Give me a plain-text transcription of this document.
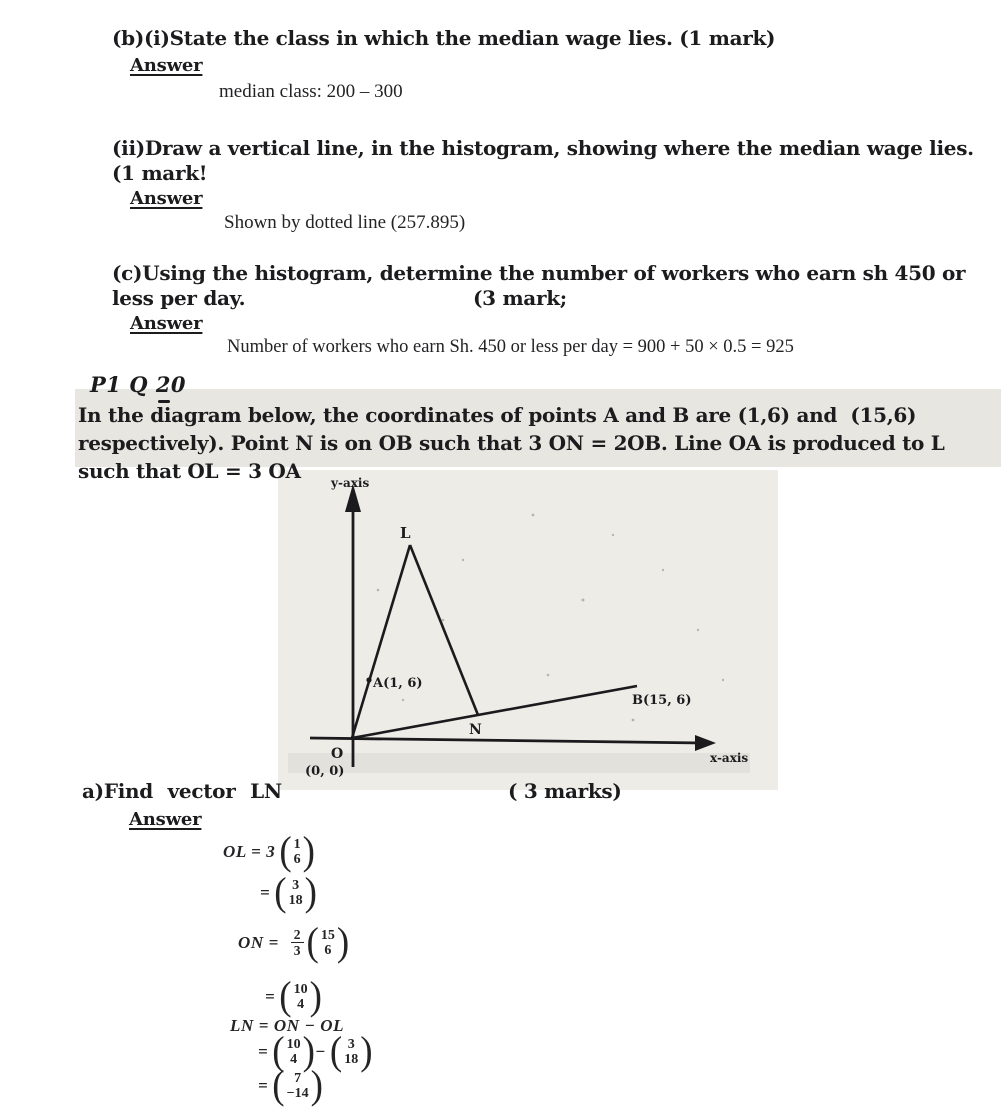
(b)(i)State the class in which the median wage lies. (1 mark)
Answer
median class: 200 – 300
(ii)Draw a vertical line, in the histogram, showing where the median wage lies.
(1 mark!
Answer
Shown by dotted line (257.895)
(c)Using the histogram, determine the number of workers who earn sh 450 or
less per day.	(3 mark;
Answer
Number of workers who earn Sh. 450 or less per day = 900 + 50 × 0.5 = 925
P1 Q 20
In the diagram below, the coordinates of points A and B are (1,6) and  (15,6)
respectively). Point N is on OB such that 3 ON = 2OB. Line OA is produced to L
such that OL = 3 OA	y-axis
L
A(1, 6)
N
B(15, 6)
O
(0, 0)
x-axis
a)Find vector LN	( 3 marks)
Answer
OL = 3 ( 1
6 )
= ( 3
18 )
ON = $\frac{2}{3}$ ( 15
6 )
= ( 10
4 )
LN = ON − OL
= ( 10
4 ) − ( 3
18 )
= ( 7
−14 )
